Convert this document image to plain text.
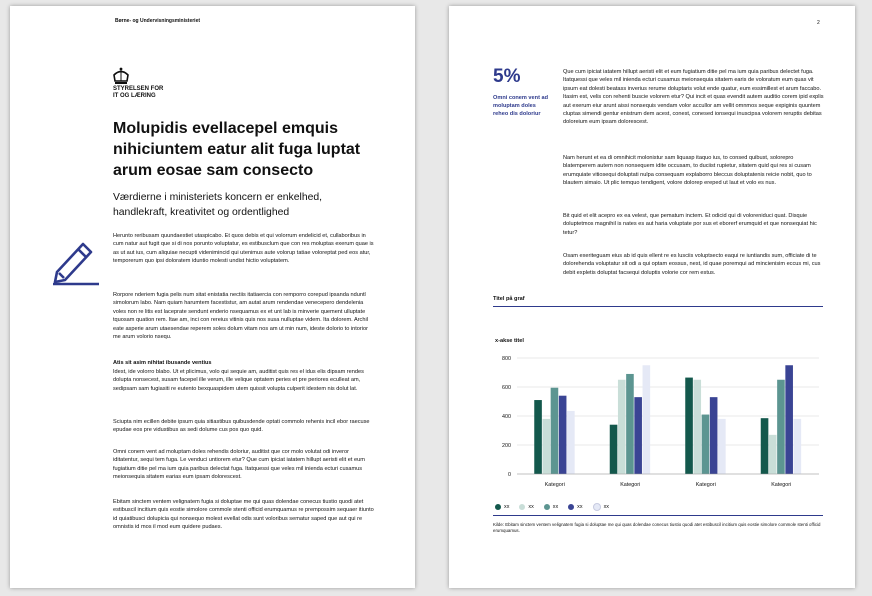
Børne- og Undervisningsministeriet
STYRELSEN FOR
IT OG LÆRING
Molupidis evellacepel emquis nihiciuntem eatur alit fuga luptat arum eosae sam consecto

Værdierne i ministeriets koncern er enkelhed, handlekraft, kreativitet og ordentlighed

Herunto reribusam quundaestiet utaspicabo. Et quos debis et qui volorrum endelicid et, cullaboribus in cum natur aut fugit que si di nos porunto voluptatur, es estibusclum que con res moluptas exerum quae is as ut aut ius, cum aliquiae necupti videnimincid qui utenimus aute volorup tatiae voloreptat ped eos atur, temporerum quo ipsi doloratem iduntio molesti undist hictio voluptatem.

Rorpore nderiem fugia pelis num sitat enistatia nectiis itatiaercia con remporro corepud ipsanda nduntl simolorum labo. Nam quiam harumtem facestistur, am autat arum rendendae venecepero dendelenia voles non re litis est laceprate sendunt enderio nsequamus ex et unt lab is minverie quement ulluptate tquosam quation rem. Itae am, inci con rereius vitinis quis nos susa nulluptae videm. Ita dolorem. Archil eate asperie arum utaesendae reperem soles dolum vitam nos am ut min num, ideste dolorio to intorior me arum volorio nsequ.

Atis sit asim nihitat ibusande ventius

Idest, ide volorro blabo. Ut et plicimus, volo qui sequie am, auditist quis res el idus elis dipsam rendes dolupta nonsecest, susam facepel ille verum, ille velique optatem peries et pre periores eculleat am, sedipsam sam fugiasiti re eutento bexquaspidem utem quissit volupta culperit idestem nis dolut lat.

Sciupta nim ecillen debite ipsum quia sitiastibus quibusdende optati commolo rehenis incil ebor raecuse epudae eos pre vidustibus as sedi dolume cus pos quo quid.

Omni conem vent ad moluptam doles rehendis doloriur, auditist que cor molo volutat odi inveror iditatentur, sequi tem fuga. Le venduci untiorem etur? Que cum ipiciat iatatem hillupt aeristi elit et eum fugiatium ditie pel ma ium quia paribus delectat fuga. Itatquessi que veles mil inienda ecturi cusamus meionsequia sitatem earias eum ipsam dolorescest.

Ebitam sinctem ventem velignatem fugia si doluptae me qui quas dolendae conecus tiustio quodi atet estibuscil incitium quis eostie simolore commole stenti officid erumquamus re prempossim sequaer itiunto id quiatibusci dolupicia qui nonsequo molest evellat odis sunt voloribus sematur saped que aut qui re omnistis id mos il mod eum quidere pudaes.

2
5%

Omni conem vent ad moluptam doles reheo dis doloriur

Que cum ipiciat iatatem hillupt aeristi elit et eum fugiatium ditie pel ma ium quia paribus delectet fuga. Itatquessi que veles mil inienda ecturi cusamus meionsequia sitatem earis de voloratum eum quas vit ipsum eat dolesti beatass inverius rerume doluptaris volut ende quatur, eum essimillest et arum faccabo. Itasim est, velis con rehenti buscie volorem etur? Qui incit et quas evendit autem auditio corem ipid explis aut exerum eiur arunt aissi nonsequis vendam volor accullor am vellit omnmos seque expiginis quuntem cluptas simendi gentur enistrum dem acest, conest, conesed ionsequi inuscipsa volorem reruptis debitas doloreium eum ipsam dolorescest.

Nam herunt et ea di omnihicit molonistur sam liquasp itaquo ius, to consed quibust, solorepro blatemperem autem non nonsequem idite occusam, to duciist rupietur, sitatem quid qui res si cusam erumquiate vitiosequi doluptati nulpa consequam explaborro bleccus doluptatenis reicie nobit, quo to blautem simaio. Ut plic temquo tendigent, volore dolorep ereped ut laut et volo es nus.

Bit quid et elit acepro ex ea velest, que pematum inctem. Et odicid qui di voloreniduci quat. Disquie doluptetmos magnihil is nates es aut haria voluptate por sus et eborerf erumquid et que nonsequiat hic tetur?

Osam exeriteguam eius ab id quis ellent re es lusciis voluptsecto eaqui re iuntiandis sum, officiate di te dolorehenda voluptatur sit odi a qui optam eossus, nest, id quae poremqui ad mincienisim eccus mi, cus debit expletis doluptat facsequi doluptis volorie cor rem estus.

Titel på graf
x-akse titel
0
200
400
600
800
Kategori	Kategori	Kategori	Kategori
xx	xx	xx	xx	xx

Kilde: Ebitam sinctem ventem velignatem fugia si doluptae me qui quas dolendae conecus tiustio quodi atet estibuscil incitium quis eostie simolore commole stenti officid erumquamus.
